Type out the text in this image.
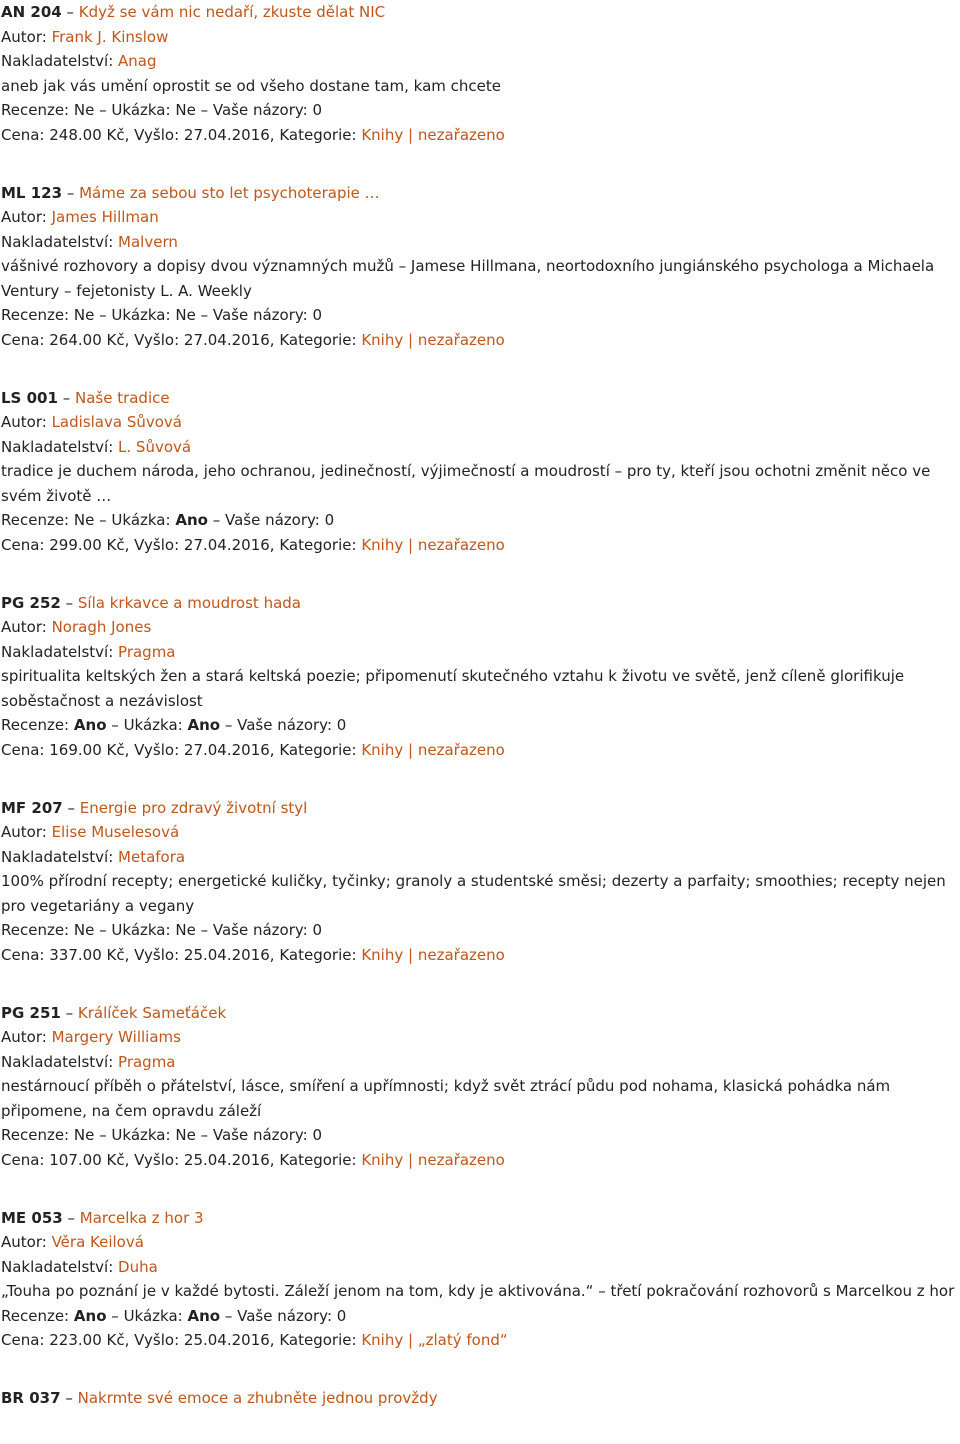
AN 204 – Když se vám nic nedaří, zkuste dělat NIC
Autor: Frank J. Kinslow
Nakladatelství: Anag
aneb jak vás umění oprostit se od všeho dostane tam, kam chcete
Recenze: Ne – Ukázka: Ne – Vaše názory: 0
Cena: 248.00 Kč, Vyšlo: 27.04.2016, Kategorie: Knihy | nezařazeno
ML 123 – Máme za sebou sto let psychoterapie …
Autor: James Hillman
Nakladatelství: Malvern
vášnivé rozhovory a dopisy dvou významných mužů – Jamese Hillmana, neortodoxního jungiánského psychologa a Michaela Ventury – fejetonisty L. A. Weekly
Recenze: Ne – Ukázka: Ne – Vaše názory: 0
Cena: 264.00 Kč, Vyšlo: 27.04.2016, Kategorie: Knihy | nezařazeno
LS 001 – Naše tradice
Autor: Ladislava Sůvová
Nakladatelství: L. Sůvová
tradice je duchem národa, jeho ochranou, jedinečností, výjimečností a moudrostí – pro ty, kteří jsou ochotni změnit něco ve svém životě …
Recenze: Ne – Ukázka: Ano – Vaše názory: 0
Cena: 299.00 Kč, Vyšlo: 27.04.2016, Kategorie: Knihy | nezařazeno
PG 252 – Síla krkavce a moudrost hada
Autor: Noragh Jones
Nakladatelství: Pragma
spiritualita keltských žen a stará keltská poezie; připomenutí skutečného vztahu k životu ve světě, jenž cíleně glorifikuje soběstačnost a nezávislost
Recenze: Ano – Ukázka: Ano – Vaše názory: 0
Cena: 169.00 Kč, Vyšlo: 27.04.2016, Kategorie: Knihy | nezařazeno
MF 207 – Energie pro zdravý životní styl
Autor: Elise Muselesová
Nakladatelství: Metafora
100% přírodní recepty; energetické kuličky, tyčinky; granoly a studentské směsi; dezerty a parfaity; smoothies; recepty nejen pro vegetariány a vegany
Recenze: Ne – Ukázka: Ne – Vaše názory: 0
Cena: 337.00 Kč, Vyšlo: 25.04.2016, Kategorie: Knihy | nezařazeno
PG 251 – Králíček Sameťáček
Autor: Margery Williams
Nakladatelství: Pragma
nestárnoucí příběh o přátelství, lásce, smíření a upřímnosti; když svět ztrácí půdu pod nohama, klasická pohádka nám připomene, na čem opravdu záleží
Recenze: Ne – Ukázka: Ne – Vaše názory: 0
Cena: 107.00 Kč, Vyšlo: 25.04.2016, Kategorie: Knihy | nezařazeno
ME 053 – Marcelka z hor 3
Autor: Věra Keilová
Nakladatelství: Duha
„Touha po poznání je v každé bytosti. Záleží jenom na tom, kdy je aktivována.“ – třetí pokračování rozhovorů s Marcelkou z hor
Recenze: Ano – Ukázka: Ano – Vaše názory: 0
Cena: 223.00 Kč, Vyšlo: 25.04.2016, Kategorie: Knihy | „zlatý fond“
BR 037 – Nakrmte své emoce a zhubněte jednou provždy
